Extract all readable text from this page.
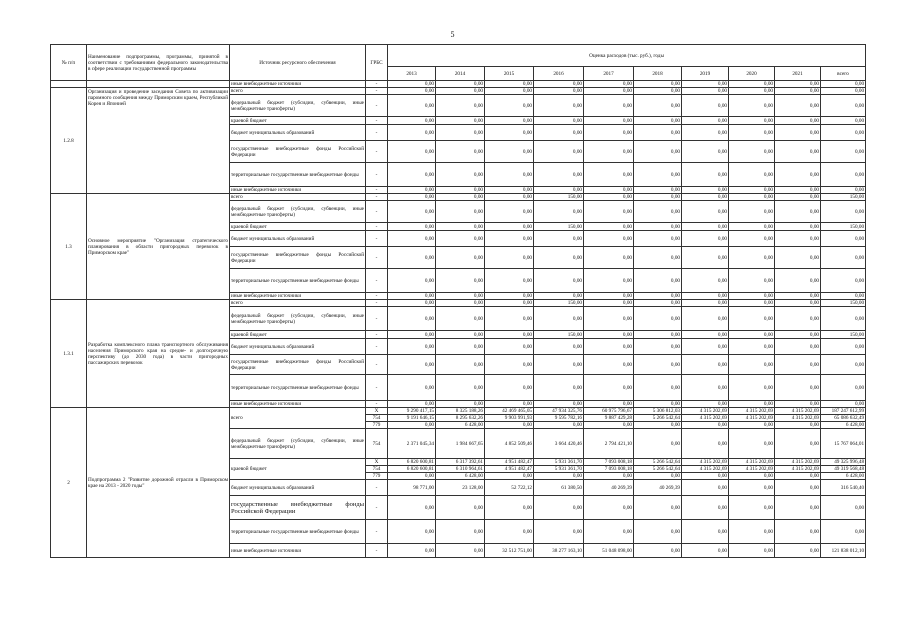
5
№ п/п	Наименование подпрограммы, программы, принятой в соответствии с требованиями федерального законодательства в сфере реализации государственной программы	Источник ресурсного обеспечения	ГРБС	Оценка расходов (тыс. руб.), годы									
				2013	2014	2015	2016	2017	2018	2019	2020	2021	всего
		иные внебюджетные источники	-	0,00	0,00	0,00	0,00	0,00	0,00	0,00	0,00	0,00	0,00
1.2.8	Организация и проведение заседания Совета по активизации паромного сообщения между Приморским краем, Республикой Корея и Японией	всего	-	0,00	0,00	0,00	0,00	0,00	0,00	0,00	0,00	0,00	0,00
		федеральный бюджет (субсидии, субвенции, иные межбюджетные трансферты)	-	0,00	0,00	0,00	0,00	0,00	0,00	0,00	0,00	0,00	0,00
		краевой бюджет	-	0,00	0,00	0,00	0,00	0,00	0,00	0,00	0,00	0,00	0,00
		бюджет муниципальных образований	-	0,00	0,00	0,00	0,00	0,00	0,00	0,00	0,00	0,00	0,00
		государственные внебюджетные фонды Российской Федерации	-	0,00	0,00	0,00	0,00	0,00	0,00	0,00	0,00	0,00	0,00
		территориальные государственные внебюджетные фонды	-	0,00	0,00	0,00	0,00	0,00	0,00	0,00	0,00	0,00	0,00
		иные внебюджетные источники	-	0,00	0,00	0,00	0,00	0,00	0,00	0,00	0,00	0,00	0,00
1.3	Основное мероприятие "Организация стратегического планирования в области пригородных перевозок в Приморском крае"	всего	-	0,00	0,00	0,00	150,00	0,00	0,00	0,00	0,00	0,00	150,00
		федеральный бюджет (субсидии, субвенции, иные межбюджетные трансферты)	-	0,00	0,00	0,00	0,00	0,00	0,00	0,00	0,00	0,00	0,00
		краевой бюджет	-	0,00	0,00	0,00	150,00	0,00	0,00	0,00	0,00	0,00	150,00
		бюджет муниципальных образований	-	0,00	0,00	0,00	0,00	0,00	0,00	0,00	0,00	0,00	0,00
		государственные внебюджетные фонды Российской Федерации	-	0,00	0,00	0,00	0,00	0,00	0,00	0,00	0,00	0,00	0,00
		территориальные государственные внебюджетные фонды	-	0,00	0,00	0,00	0,00	0,00	0,00	0,00	0,00	0,00	0,00
		иные внебюджетные источники	-	0,00	0,00	0,00	0,00	0,00	0,00	0,00	0,00	0,00	0,00
1.3.1	Разработка комплексного плана транспортного обслуживания населения Приморского края на средне- и долгосрочную перспективу (до 2030 года) в части пригородных пассажирских перевозок	всего	-	0,00	0,00	0,00	150,00	0,00	0,00	0,00	0,00	0,00	150,00
		федеральный бюджет (субсидии, субвенции, иные межбюджетные трансферты)	-	0,00	0,00	0,00	0,00	0,00	0,00	0,00	0,00	0,00	0,00
		краевой бюджет	-	0,00	0,00	0,00	150,00	0,00	0,00	0,00	0,00	0,00	150,00
		бюджет муниципальных образований	-	0,00	0,00	0,00	0,00	0,00	0,00	0,00	0,00	0,00	0,00
		государственные внебюджетные фонды Российской Федерации	-	0,00	0,00	0,00	0,00	0,00	0,00	0,00	0,00	0,00	0,00
		территориальные государственные внебюджетные фонды	-	0,00	0,00	0,00	0,00	0,00	0,00	0,00	0,00	0,00	0,00
		иные внебюджетные источники	-	0,00	0,00	0,00	0,00	0,00	0,00	0,00	0,00	0,00	0,00
2	Подпрограмма 2 "Развитие дорожной отрасли в Приморском крае на 2013 - 2020 годы"	всего	X	9 290 417,15	8 325 188,26	42 469 465,05	47 934 325,76	60 975 796,67	5 306 812,03	4 315 202,69	4 315 202,69	4 315 202,69	187 247 612,99
			754	9 191 646,15	8 295 632,26	9 903 991,93	9 595 782,16	9 887 429,28	5 266 542,64	4 315 202,69	4 315 202,69	4 315 202,69	65 086 632,49
			779	0,00	6 428,00	0,00	0,00	0,00	0,00	0,00	0,00	0,00	6 428,00
		федеральный бюджет (субсидии, субвенции, иные межбюджетные трансферты)	754	2 371 045,34	1 984 667,65	4 852 509,46	3 664 420,46	2 794 421,10	0,00	0,00	0,00	0,00	15 767 064,01
		краевой бюджет	X	6 820 600,81	6 317 392,61	4 951 482,47	5 931 361,70	7 093 008,18	5 266 542,64	4 315 202,69	4 315 202,69	4 315 202,69	49 325 996,48
			754	6 820 600,81	6 310 964,61	4 951 482,47	5 931 361,70	7 093 008,18	5 266 542,64	4 315 202,69	4 315 202,69	4 315 202,69	49 319 568,48
			779	0,00	6 428,00	0,00	0,00	0,00	0,00	0,00	0,00	0,00	6 428,00
		бюджет муниципальных образований	-	98 771,00	23 128,00	52 722,12	61 380,50	40 269,39	40 269,39	0,00	0,00	0,00	316 540,40
		государственные внебюджетные фонды Российской Федерации	-	0,00	0,00	0,00	0,00	0,00	0,00	0,00	0,00	0,00	0,00
		территориальные государственные внебюджетные фонды	-	0,00	0,00	0,00	0,00	0,00	0,00	0,00	0,00	0,00	0,00
		иные внебюджетные источники	-	0,00	0,00	32 512 751,00	38 277 163,10	51 048 098,00	0,00	0,00	0,00	0,00	121 838 012,10
